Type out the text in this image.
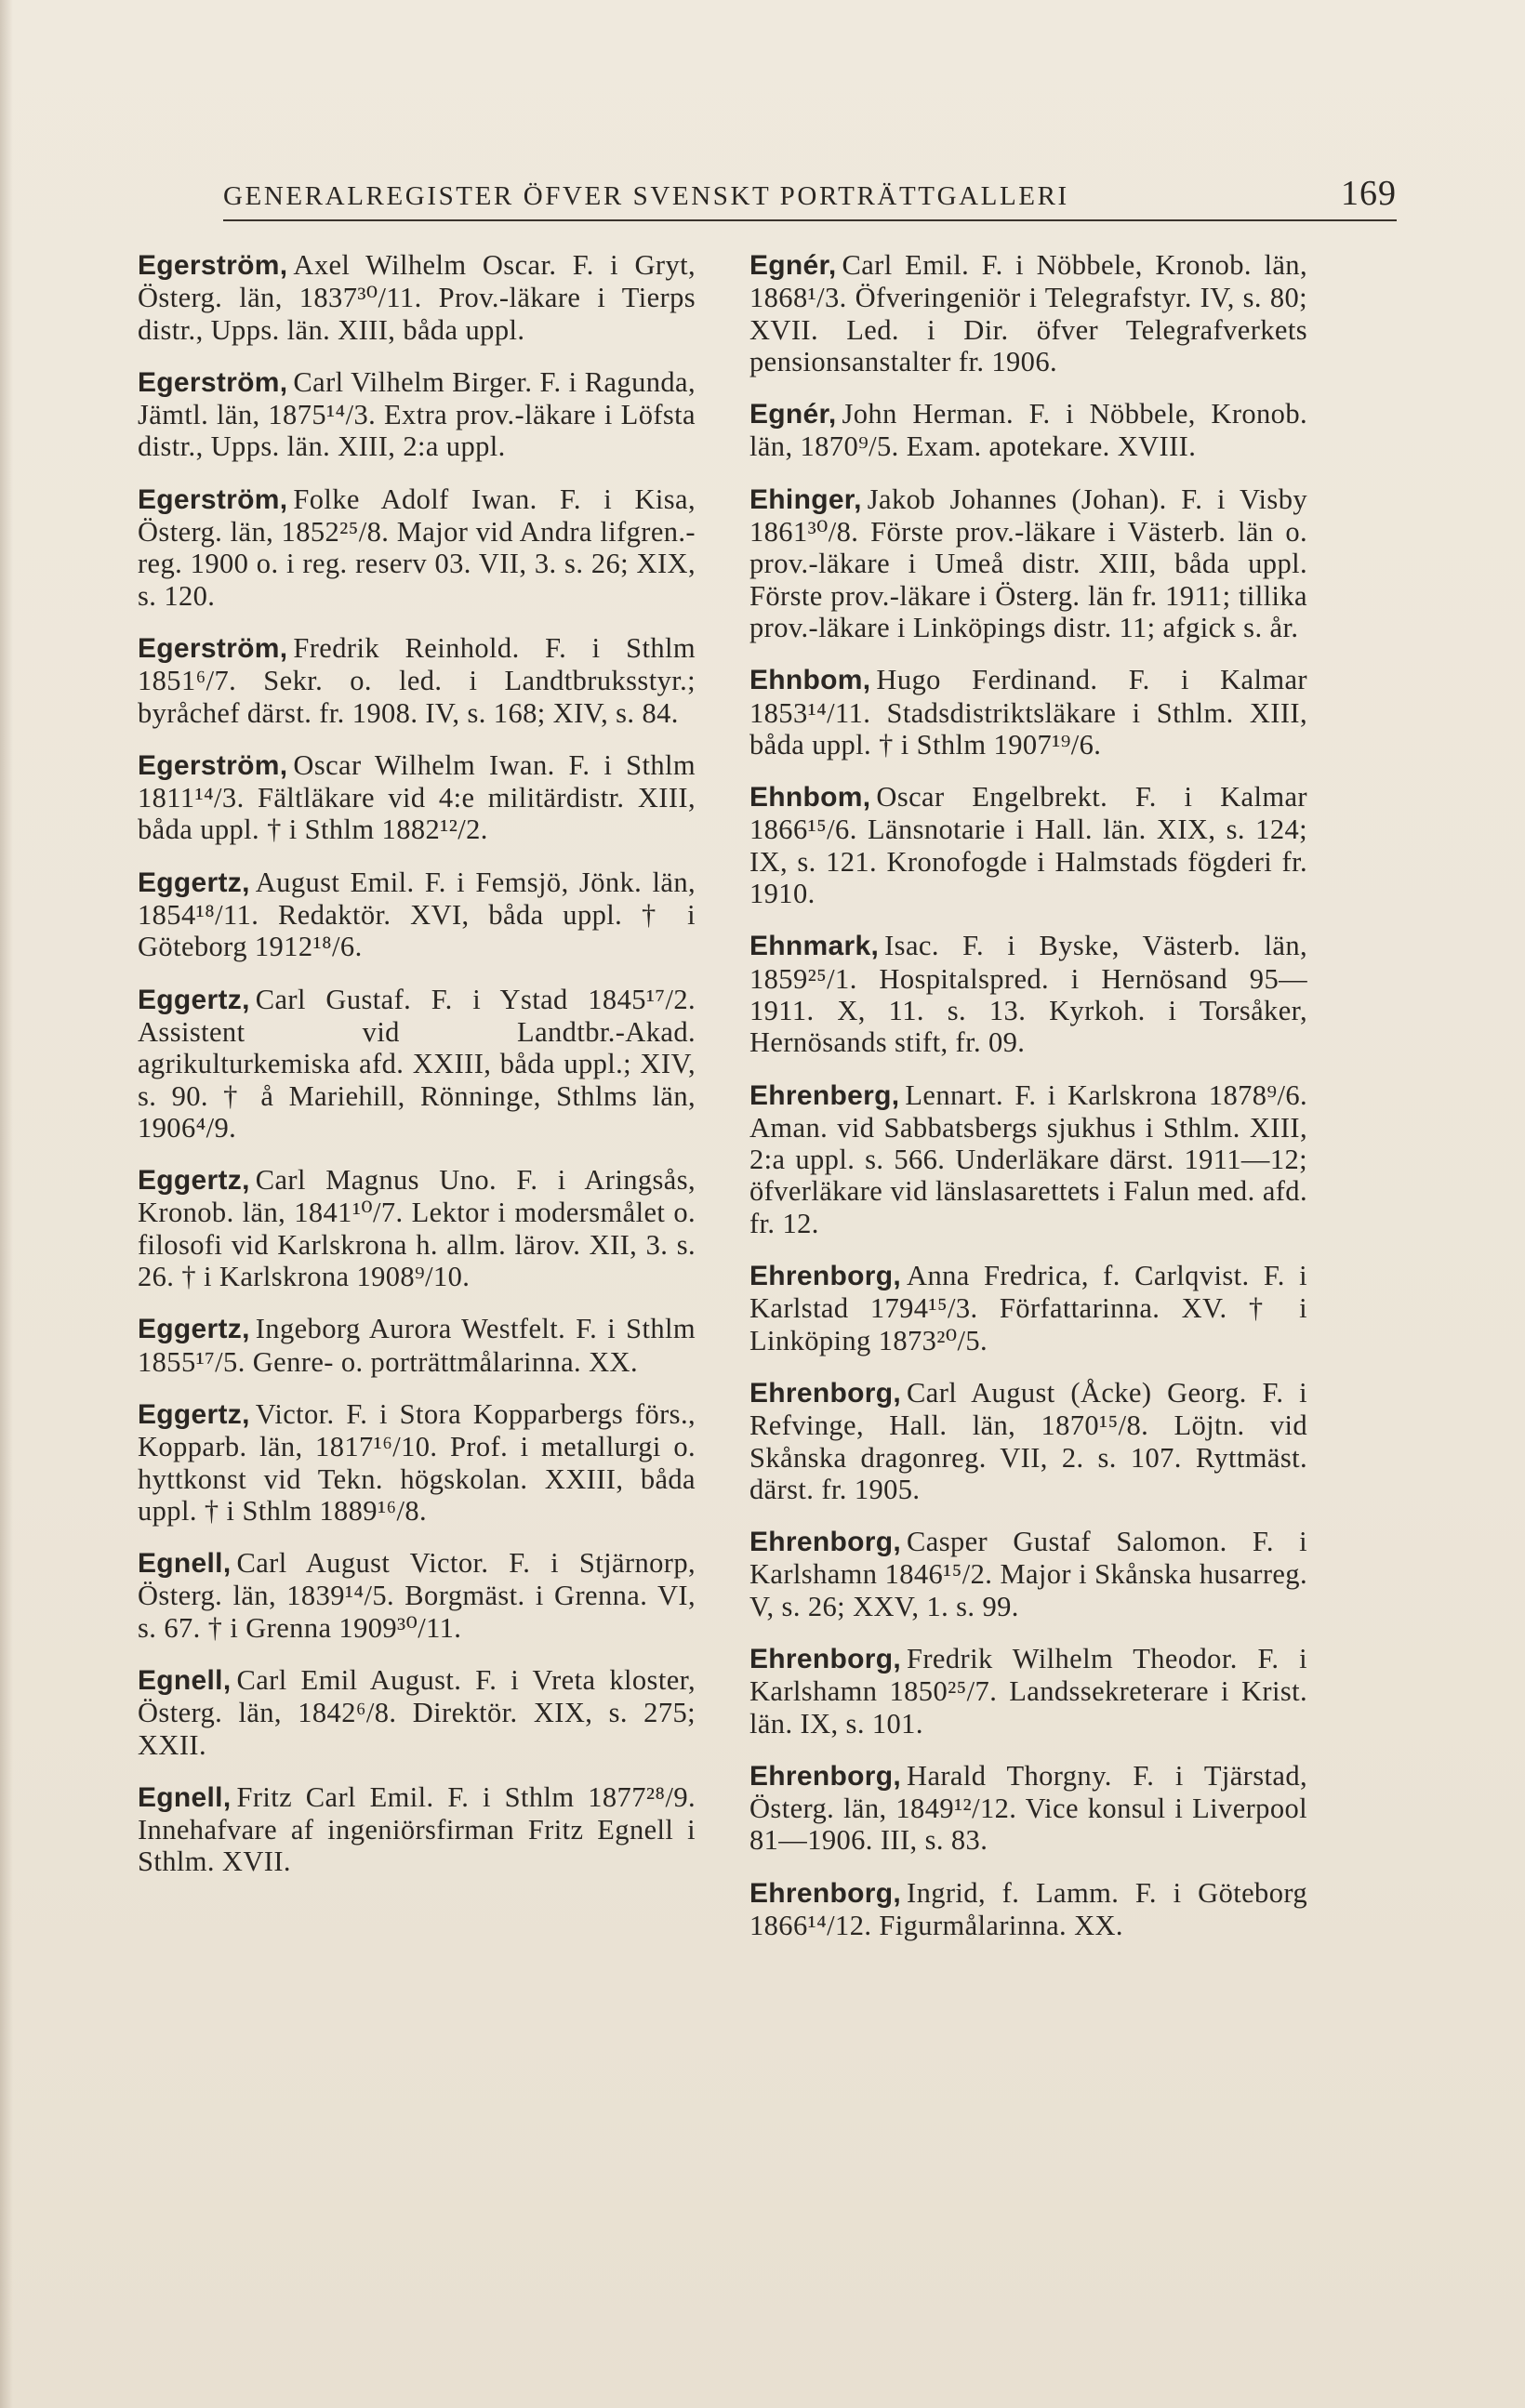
GENERALREGISTER ÖFVER SVENSKT PORTRÄTTGALLERI	169

Egerström, Axel Wilhelm Oscar. F. i Gryt, Österg. län, 1837³⁰/11. Prov.-läkare i Tierps distr., Upps. län. XIII, båda uppl.

Egerström, Carl Vilhelm Birger. F. i Ragunda, Jämtl. län, 1875¹⁴/3. Extra prov.-läkare i Löfsta distr., Upps. län. XIII, 2:a uppl.

Egerström, Folke Adolf Iwan. F. i Kisa, Österg. län, 1852²⁵/8. Major vid Andra lifgren.-reg. 1900 o. i reg. reserv 03. VII, 3. s. 26; XIX, s. 120.

Egerström, Fredrik Reinhold. F. i Sthlm 1851⁶/7. Sekr. o. led. i Landtbruksstyr.; byråchef därst. fr. 1908. IV, s. 168; XIV, s. 84.

Egerström, Oscar Wilhelm Iwan. F. i Sthlm 1811¹⁴/3. Fältläkare vid 4:e militärdistr. XIII, båda uppl. † i Sthlm 1882¹²/2.

Eggertz, August Emil. F. i Femsjö, Jönk. län, 1854¹⁸/11. Redaktör. XVI, båda uppl. † i Göteborg 1912¹⁸/6.

Eggertz, Carl Gustaf. F. i Ystad 1845¹⁷/2. Assistent vid Landtbr.-Akad. agrikulturkemiska afd. XXIII, båda uppl.; XIV, s. 90. † å Mariehill, Rönninge, Sthlms län, 1906⁴/9.

Eggertz, Carl Magnus Uno. F. i Aringsås, Kronob. län, 1841¹⁰/7. Lektor i modersmålet o. filosofi vid Karlskrona h. allm. lärov. XII, 3. s. 26. † i Karlskrona 1908⁹/10.

Eggertz, Ingeborg Aurora Westfelt. F. i Sthlm 1855¹⁷/5. Genre- o. porträttmålarinna. XX.

Eggertz, Victor. F. i Stora Kopparbergs förs., Kopparb. län, 1817¹⁶/10. Prof. i metallurgi o. hyttkonst vid Tekn. högskolan. XXIII, båda uppl. † i Sthlm 1889¹⁶/8.

Egnell, Carl August Victor. F. i Stjärnorp, Österg. län, 1839¹⁴/5. Borgmäst. i Grenna. VI, s. 67. † i Grenna 1909³⁰/11.

Egnell, Carl Emil August. F. i Vreta kloster, Österg. län, 1842⁶/8. Direktör. XIX, s. 275; XXII.

Egnell, Fritz Carl Emil. F. i Sthlm 1877²⁸/9. Innehafvare af ingeniörsfirman Fritz Egnell i Sthlm. XVII.

Egnér, Carl Emil. F. i Nöbbele, Kronob. län, 1868¹/3. Öfveringeniör i Telegrafstyr. IV, s. 80; XVII. Led. i Dir. öfver Telegrafverkets pensionsanstalter fr. 1906.

Egnér, John Herman. F. i Nöbbele, Kronob. län, 1870⁹/5. Exam. apotekare. XVIII.

Ehinger, Jakob Johannes (Johan). F. i Visby 1861³⁰/8. Förste prov.-läkare i Västerb. län o. prov.-läkare i Umeå distr. XIII, båda uppl. Förste prov.-läkare i Österg. län fr. 1911; tillika prov.-läkare i Linköpings distr. 11; afgick s. år.

Ehnbom, Hugo Ferdinand. F. i Kalmar 1853¹⁴/11. Stadsdistriktsläkare i Sthlm. XIII, båda uppl. † i Sthlm 1907¹⁹/6.

Ehnbom, Oscar Engelbrekt. F. i Kalmar 1866¹⁵/6. Länsnotarie i Hall. län. XIX, s. 124; IX, s. 121. Kronofogde i Halmstads fögderi fr. 1910.

Ehnmark, Isac. F. i Byske, Västerb. län, 1859²⁵/1. Hospitalspred. i Hernösand 95—1911. X, 11. s. 13. Kyrkoh. i Torsåker, Hernösands stift, fr. 09.

Ehrenberg, Lennart. F. i Karlskrona 1878⁹/6. Aman. vid Sabbatsbergs sjukhus i Sthlm. XIII, 2:a uppl. s. 566. Underläkare därst. 1911—12; öfverläkare vid länslasarettets i Falun med. afd. fr. 12.

Ehrenborg, Anna Fredrica, f. Carlqvist. F. i Karlstad 1794¹⁵/3. Författarinna. XV. † i Linköping 1873²⁰/5.

Ehrenborg, Carl August (Åcke) Georg. F. i Refvinge, Hall. län, 1870¹⁵/8. Löjtn. vid Skånska dragonreg. VII, 2. s. 107. Ryttmäst. därst. fr. 1905.

Ehrenborg, Casper Gustaf Salomon. F. i Karlshamn 1846¹⁵/2. Major i Skånska husarreg. V, s. 26; XXV, 1. s. 99.

Ehrenborg, Fredrik Wilhelm Theodor. F. i Karlshamn 1850²⁵/7. Landssekreterare i Krist. län. IX, s. 101.

Ehrenborg, Harald Thorgny. F. i Tjärstad, Österg. län, 1849¹²/12. Vice konsul i Liverpool 81—1906. III, s. 83.

Ehrenborg, Ingrid, f. Lamm. F. i Göteborg 1866¹⁴/12. Figurmålarinna. XX.
